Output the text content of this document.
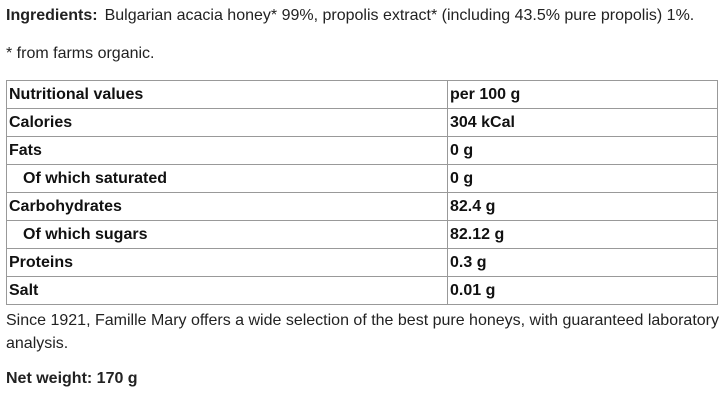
Ingredients: Bulgarian acacia honey* 99%, propolis extract* (including 43.5% pure propolis) 1%.

* from farms organic.

Nutritional values	per 100 g
Calories	304 kCal
Fats	0 g
Of which saturated	0 g
Carbohydrates	82.4 g
Of which sugars	82.12 g
Proteins	0.3 g
Salt	0.01 g

Since 1921, Famille Mary offers a wide selection of the best pure honeys, with guaranteed laboratory analysis.

Net weight: 170 g
